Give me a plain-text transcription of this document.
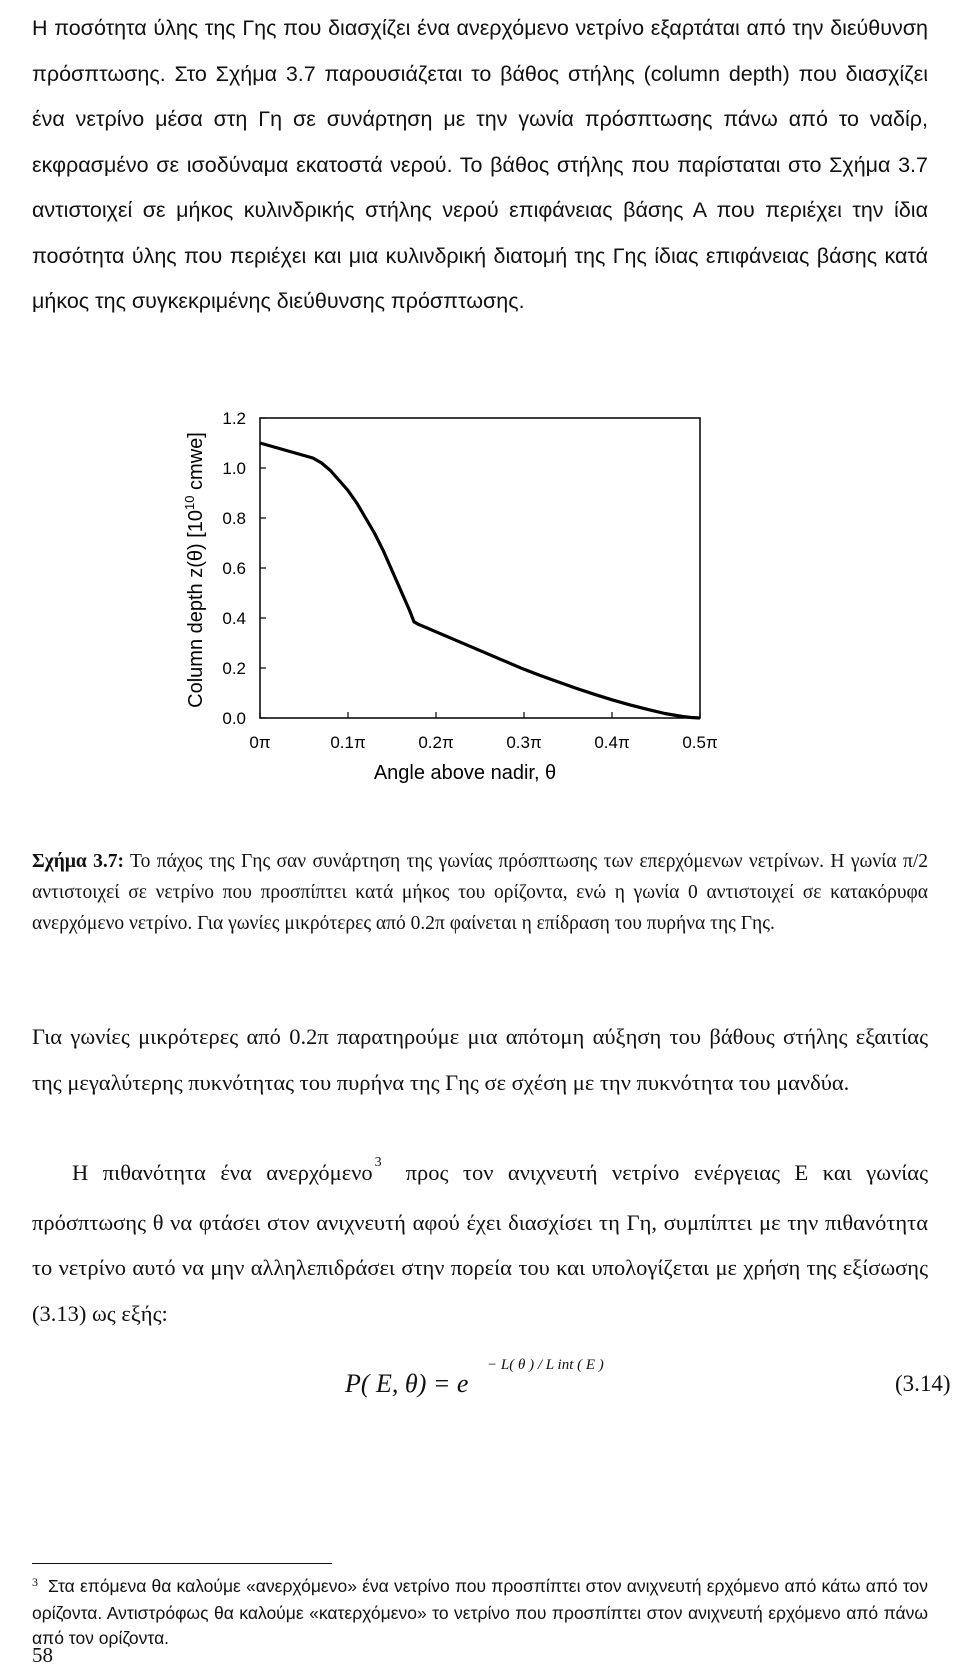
Η ποσότητα ύλης της Γης που διασχίζει ένα ανερχόμενο νετρίνο εξαρτάται από την διεύθυνση πρόσπτωσης. Στο Σχήμα 3.7 παρουσιάζεται το βάθος στήλης (column depth) που διασχίζει ένα νετρίνο μέσα στη Γη σε συνάρτηση με την γωνία πρόσπτωσης πάνω από το ναδίρ, εκφρασμένο σε ισοδύναμα εκατοστά νερού. Το βάθος στήλης που παρίσταται στο Σχήμα 3.7 αντιστοιχεί σε μήκος κυλινδρικής στήλης νερού επιφάνειας βάσης Α που περιέχει την ίδια ποσότητα ύλης που περιέχει και μια κυλινδρική διατομή της Γης ίδιας επιφάνειας βάσης κατά μήκος της συγκεκριμένης διεύθυνσης πρόσπτωσης.

0π	0.1π	0.2π	0.3π	0.4π	0.5π
0.0
0.2
0.4
0.6
0.8
1.0
1.2
Angle above nadir, θ
Column depth z(θ) [$10^{10}$ cmwe]

Σχήμα 3.7: Το πάχος της Γης σαν συνάρτηση της γωνίας πρόσπτωσης των επερχόμενων νετρίνων. Η γωνία π/2 αντιστοιχεί σε νετρίνο που προσπίπτει κατά μήκος του ορίζοντα, ενώ η γωνία 0 αντιστοιχεί σε κατακόρυφα ανερχόμενο νετρίνο. Για γωνίες μικρότερες από 0.2π φαίνεται η επίδραση του πυρήνα της Γης.

Για γωνίες μικρότερες από 0.2π παρατηρούμε μια απότομη αύξηση του βάθους στήλης εξαιτίας της μεγαλύτερης πυκνότητας του πυρήνα της Γης σε σχέση με την πυκνότητα του μανδύα.

Η πιθανότητα ένα ανερχόμενο $^3$ προς τον ανιχνευτή νετρίνο ενέργειας Ε και γωνίας πρόσπτωσης θ να φτάσει στον ανιχνευτή αφού έχει διασχίσει τη Γη, συμπίπτει με την πιθανότητα το νετρίνο αυτό να μην αλληλεπιδράσει στην πορεία του και υπολογίζεται με χρήση της εξίσωσης (3.13) ως εξής:

P( E, θ) = e
− L( θ ) / L int ( E )
(3.14)

$^3$ Στα επόμενα θα καλούμε «ανερχόμενο» ένα νετρίνο που προσπίπτει στον ανιχνευτή ερχόμενο από κάτω από τον ορίζοντα. Αντιστρόφως θα καλούμε «κατερχόμενο» το νετρίνο που προσπίπτει στον ανιχνευτή ερχόμενο από πάνω από τον ορίζοντα.

58
